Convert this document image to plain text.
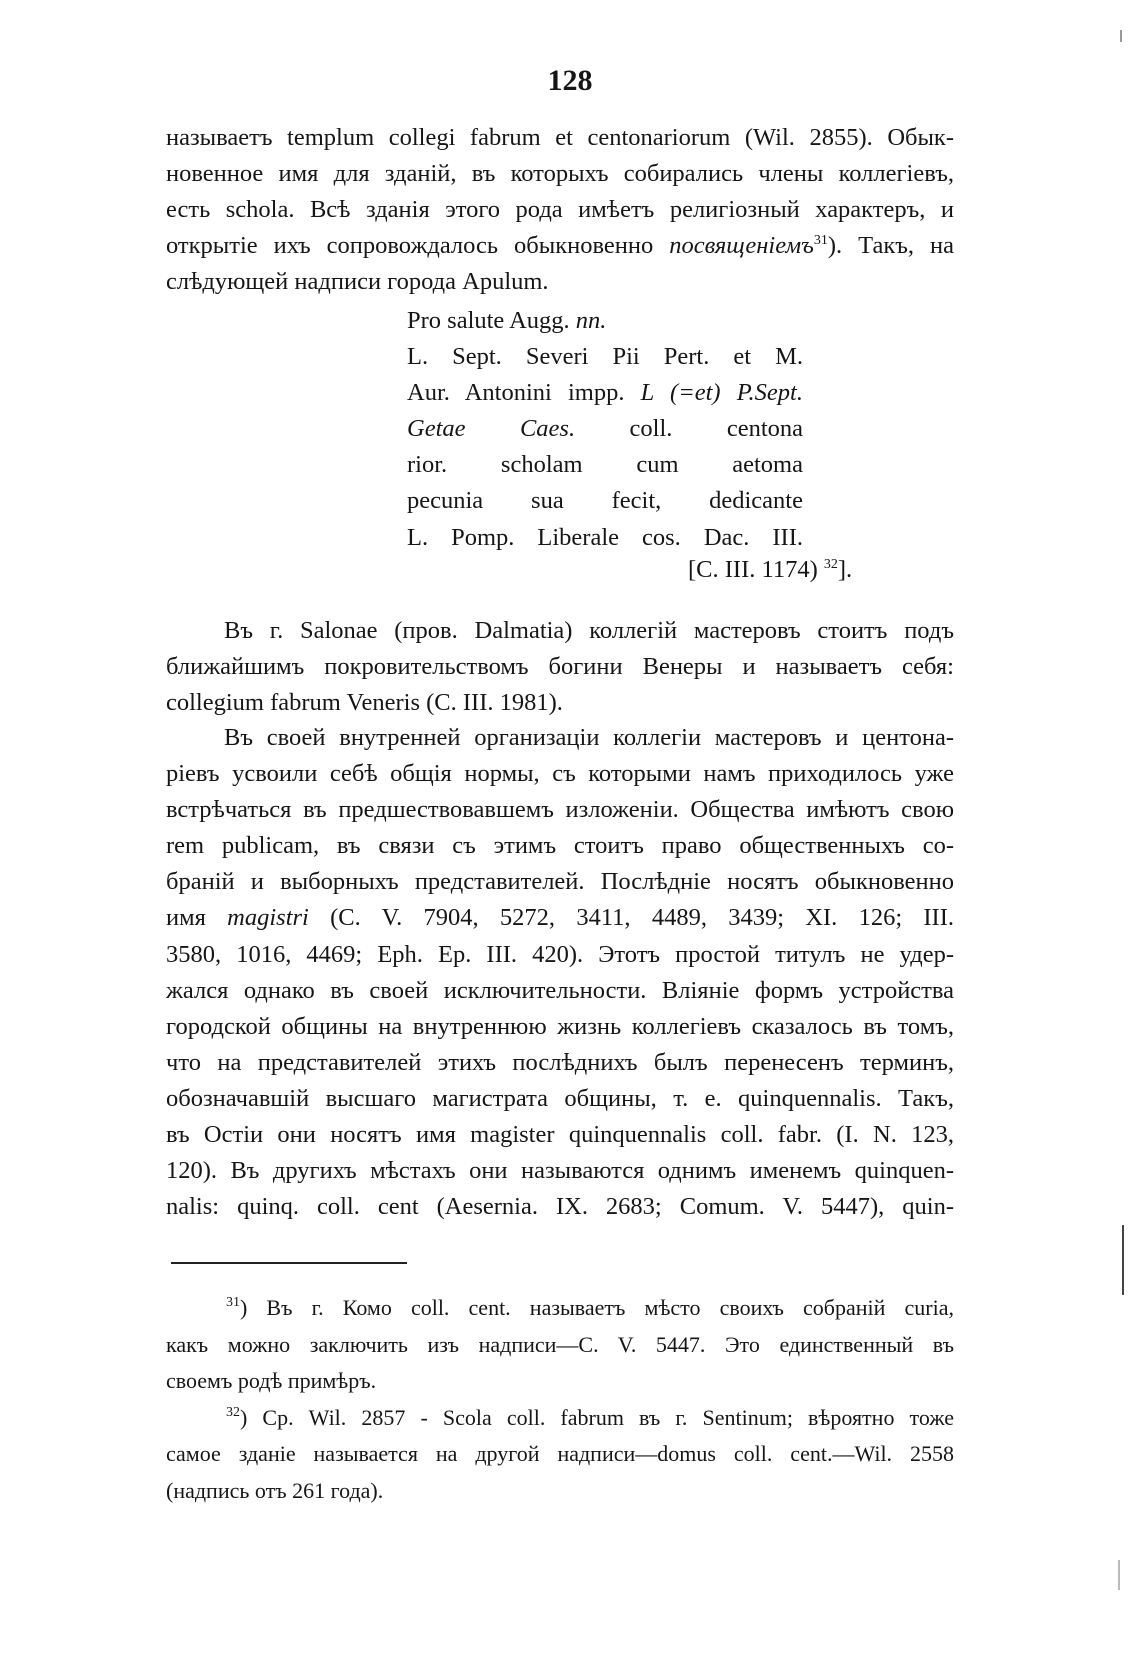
128
называетъ templum collegi fabrum et centonariorum (Wil. 2855). Обык-
новенное имя для зданій, въ которыхъ собирались члены коллегіевъ,
есть schola. Всѣ зданія этого рода имѣетъ религіозный характеръ, и
открытіе ихъ сопровождалось обыкновенно посвященіемъ$^{31}$). Такъ, на
слѣдующей надписи города Apulum.
Pro salute Augg. nn.
L. Sept. Severi Pii Pert. et M.
Aur. Antonini impp. L (=et) P.Sept.
Getae Caes. coll. centona
rior. scholam cum aetoma
pecunia sua fecit, dedicante
L. Pomp. Liberale cos. Dac. III.
[C. III. 1174) $^{32}$].
Въ г. Salonae (пров. Dalmatia) коллегій мастеровъ стоитъ подъ
ближайшимъ покровительствомъ богини Венеры и называетъ себя:
collegium fabrum Veneris (C. III. 1981).
Въ своей внутренней организаціи коллегіи мастеровъ и центона-
ріевъ усвоили себѣ общія нормы, съ которыми намъ приходилось уже
встрѣчаться въ предшествовавшемъ изложеніи. Общества имѣютъ свою
rem publicam, въ связи съ этимъ стоитъ право общественныхъ со-
браній и выборныхъ представителей. Послѣдніе носятъ обыкновенно
имя magistri (C. V. 7904, 5272, 3411, 4489, 3439; XI. 126; III.
3580, 1016, 4469; Eph. Ep. III. 420). Этотъ простой титулъ не удер-
жался однако въ своей исключительности. Вліяніе формъ устройства
городской общины на внутреннюю жизнь коллегіевъ сказалось въ томъ,
что на представителей этихъ послѣднихъ былъ перенесенъ терминъ,
обозначавшій высшаго магистрата общины, т. е. quinquennalis. Такъ,
въ Остіи они носятъ имя magister quinquennalis coll. fabr. (I. N. 123,
120). Въ другихъ мѣстахъ они называются однимъ именемъ quinquen-
nalis: quinq. coll. cent (Aesernia. IX. 2683; Comum. V. 5447), quin-
$^{31}$) Въ г. Комо coll. cent. называетъ мѣсто своихъ собраній curia,
какъ можно заключить изъ надписи—C. V. 5447. Это единственный въ
своемъ родѣ примѣръ.
$^{32}$) Ср. Wil. 2857 - Scola coll. fabrum въ г. Sentinum; вѣроятно тоже
самое зданіе называется на другой надписи—domus coll. cent.—Wil. 2558
(надпись отъ 261 года).
